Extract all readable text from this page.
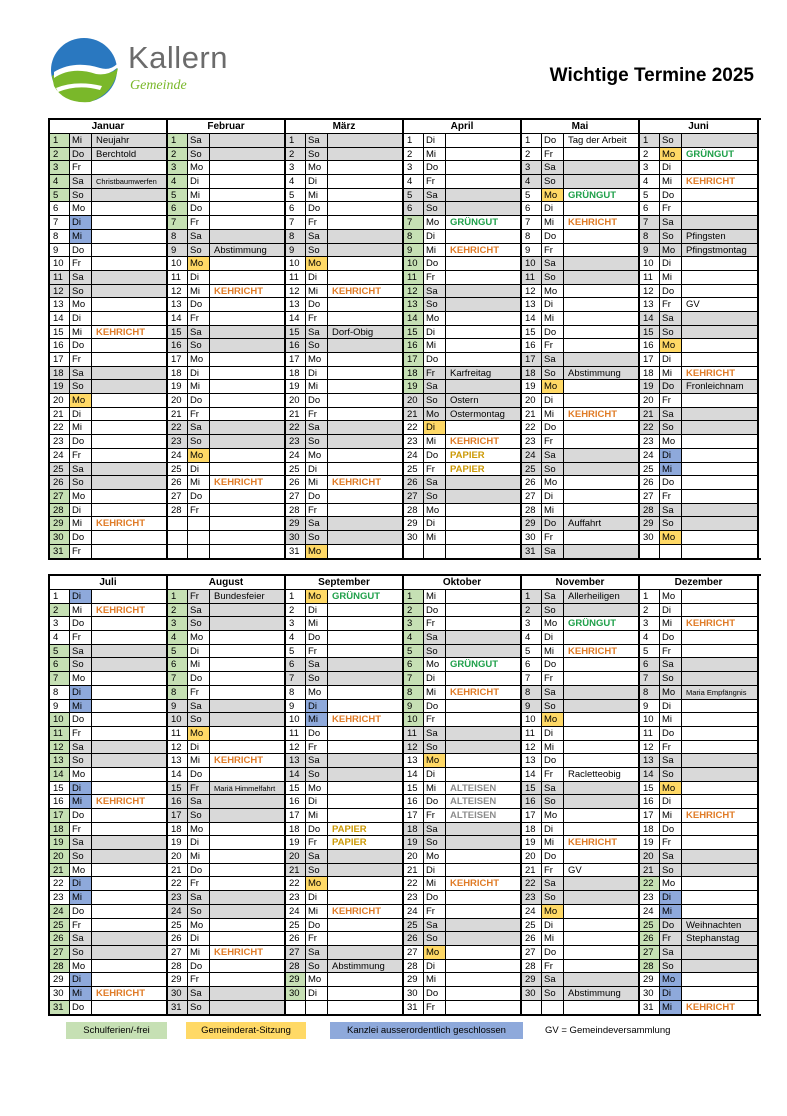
Kallern
Gemeinde	Wichtige Termine 2025
Januar
1	Mi	Neujahr
2	Do	Berchtold
3	Fr
4	Sa	Christbaumwerfen
5	So
6	Mo
7	Di
8	Mi
9	Do
10 Fr
11 Sa
12 So
13 Mo
14 Di
15 Mi	KEHRICHT
16 Do
17 Fr
18 Sa
19 So
20 Mo
21 Di
22 Mi
23 Do
24 Fr
25 Sa
26 So
27 Mo
28 Di
29 Mi	KEHRICHT
30 Do
31 Fr
Februar
1	Sa
2	So
3	Mo
4	Di
5	Mi
6	Do
7	Fr
8	Sa
9	So	Abstimmung
10 Mo
11 Di
12 Mi	KEHRICHT
13 Do
14 Fr
15 Sa
16 So
17 Mo
18 Di
19 Mi
20 Do
21 Fr
22 Sa
23 So
24 Mo
25 Di
26 Mi	KEHRICHT
27 Do
28 Fr
März
1	Sa
2	So
3	Mo
4	Di
5	Mi
6	Do
7	Fr
8	Sa
9	So
10 Mo
11 Di
12 Mi	KEHRICHT
13 Do
14 Fr
15 Sa	Dorf-Obig
16 So
17 Mo
18 Di
19 Mi
20 Do
21 Fr
22 Sa
23 So
24 Mo
25 Di
26 Mi	KEHRICHT
27 Do
28 Fr
29 Sa
30 So
31 Mo
April
1	Di
2	Mi
3	Do
4	Fr
5	Sa
6	So
7	Mo	GRÜNGUT
8	Di
9	Mi	KEHRICHT
10 Do
11 Fr
12 Sa
13 So
14 Mo
15 Di
16 Mi
17 Do
18 Fr	Karfreitag
19 Sa
20 So	Ostern
21 Mo	Ostermontag
22 Di
23 Mi	KEHRICHT
24 Do	PAPIER
25 Fr	PAPIER
26 Sa
27 So
28 Mo
29 Di
30 Mi
Mai
1	Do	Tag der Arbeit
2	Fr
3	Sa
4	So
5	Mo	GRÜNGUT
6	Di
7	Mi	KEHRICHT
8	Do
9	Fr
10 Sa
11 So
12 Mo
13 Di
14 Mi
15 Do
16 Fr
17 Sa
18 So	Abstimmung
19 Mo
20 Di
21 Mi	KEHRICHT
22 Do
23 Fr
24 Sa
25 So
26 Mo
27 Di
28 Mi
29 Do	Auffahrt
30 Fr
31 Sa
Juni
1	So
2	Mo	GRÜNGUT
3	Di
4	Mi	KEHRICHT
5	Do
6	Fr
7	Sa
8	So	Pfingsten
9	Mo	Pfingstmontag
10 Di
11 Mi
12 Do
13 Fr	GV
14 Sa
15 So
16 Mo
17 Di
18 Mi	KEHRICHT
19 Do	Fronleichnam
20 Fr
21 Sa
22 So
23 Mo
24 Di
25 Mi
26 Do
27 Fr
28 Sa
29 So
30 Mo
Juli
1	Di
2	Mi	KEHRICHT
3	Do
4	Fr
5	Sa
6	So
7	Mo
8	Di
9	Mi
10 Do
11 Fr
12 Sa
13 So
14 Mo
15 Di
16 Mi	KEHRICHT
17 Do
18 Fr
19 Sa
20 So
21 Mo
22 Di
23 Mi
24 Do
25 Fr
26 Sa
27 So
28 Mo
29 Di
30 Mi	KEHRICHT
31 Do
August
1	Fr	Bundesfeier
2	Sa
3	So
4	Mo
5	Di
6	Mi
7	Do
8	Fr
9	Sa
10 So
11 Mo
12 Di
13 Mi	KEHRICHT
14 Do
15 Fr	Mariä Himmelfahrt
16 Sa
17 So
18 Mo
19 Di
20 Mi
21 Do
22 Fr
23 Sa
24 So
25 Mo
26 Di
27 Mi	KEHRICHT
28 Do
29 Fr
30 Sa
31 So
September
1	Mo	GRÜNGUT
2	Di
3	Mi
4	Do
5	Fr
6	Sa
7	So
8	Mo
9	Di
10 Mi	KEHRICHT
11 Do
12 Fr
13 Sa
14 So
15 Mo
16 Di
17 Mi
18 Do	PAPIER
19 Fr	PAPIER
20 Sa
21 So
22 Mo
23 Di
24 Mi	KEHRICHT
25 Do
26 Fr
27 Sa
28 So	Abstimmung
29 Mo
30 Di
Oktober
1	Mi
2	Do
3	Fr
4	Sa
5	So
6	Mo	GRÜNGUT
7	Di
8	Mi	KEHRICHT
9	Do
10 Fr
11 Sa
12 So
13 Mo
14 Di
15 Mi	ALTEISEN
16 Do	ALTEISEN
17 Fr	ALTEISEN
18 Sa
19 So
20 Mo
21 Di
22 Mi	KEHRICHT
23 Do
24 Fr
25 Sa
26 So
27 Mo
28 Di
29 Mi
30 Do
31 Fr
November
1	Sa	Allerheiligen
2	So
3	Mo	GRÜNGUT
4	Di
5	Mi	KEHRICHT
6	Do
7	Fr
8	Sa
9	So
10 Mo
11 Di
12 Mi
13 Do
14 Fr	Racletteobig
15 Sa
16 So
17 Mo
18 Di
19 Mi	KEHRICHT
20 Do
21 Fr	GV
22 Sa
23 So
24 Mo
25 Di
26 Mi
27 Do
28 Fr
29 Sa
30 So	Abstimmung
Dezember
1	Mo
2	Di
3	Mi	KEHRICHT
4	Do
5	Fr
6	Sa
7	So
8	Mo	Maria Empfängnis
9	Di
10 Mi
11 Do
12 Fr
13 Sa
14 So
15 Mo
16 Di
17 Mi	KEHRICHT
18 Do
19 Fr
20 Sa
21 So
22 Mo
23 Di
24 Mi
25 Do	Weihnachten
26 Fr	Stephanstag
27 Sa
28 So
29 Mo
30 Di
31 Mi	KEHRICHT
Schulferien/-frei	Gemeinderat-Sitzung	Kanzlei ausserordentlich geschlossen	GV = Gemeindeversammlung
